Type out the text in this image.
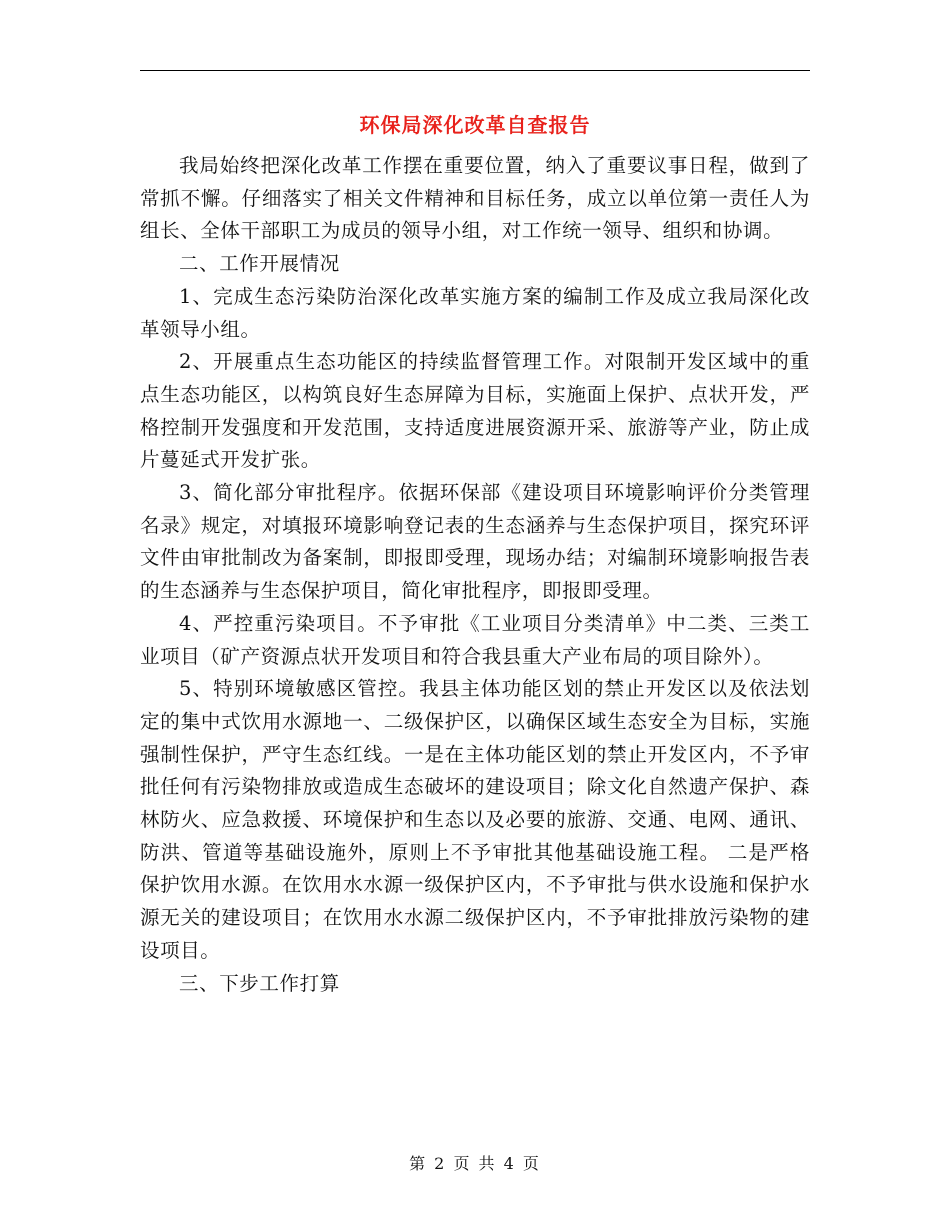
环保局深化改革自查报告

我局始终把深化改革工作摆在重要位置，纳入了重要议事日程，做到了常抓不懈。仔细落实了相关文件精神和目标任务，成立以单位第一责任人为组长、全体干部职工为成员的领导小组，对工作统一领导、组织和协调。

二、工作开展情况

1、完成生态污染防治深化改革实施方案的编制工作及成立我局深化改革领导小组。

2、开展重点生态功能区的持续监督管理工作。对限制开发区域中的重点生态功能区，以构筑良好生态屏障为目标，实施面上保护、点状开发，严格控制开发强度和开发范围，支持适度进展资源开采、旅游等产业，防止成片蔓延式开发扩张。

3、简化部分审批程序。依据环保部《建设项目环境影响评价分类管理名录》规定，对填报环境影响登记表的生态涵养与生态保护项目，探究环评文件由审批制改为备案制，即报即受理，现场办结；对编制环境影响报告表的生态涵养与生态保护项目，简化审批程序，即报即受理。

4、严控重污染项目。不予审批《工业项目分类清单》中二类、三类工业项目（矿产资源点状开发项目和符合我县重大产业布局的项目除外）。

5、特别环境敏感区管控。我县主体功能区划的禁止开发区以及依法划定的集中式饮用水源地一、二级保护区，以确保区域生态安全为目标，实施强制性保护，严守生态红线。一是在主体功能区划的禁止开发区内，不予审批任何有污染物排放或造成生态破坏的建设项目；除文化自然遗产保护、森林防火、应急救援、环境保护和生态以及必要的旅游、交通、电网、通讯、防洪、管道等基础设施外，原则上不予审批其他基础设施工程。 二是严格保护饮用水源。在饮用水水源一级保护区内，不予审批与供水设施和保护水源无关的建设项目；在饮用水水源二级保护区内，不予审批排放污染物的建设项目。

三、下步工作打算

第 2 页 共 4 页
